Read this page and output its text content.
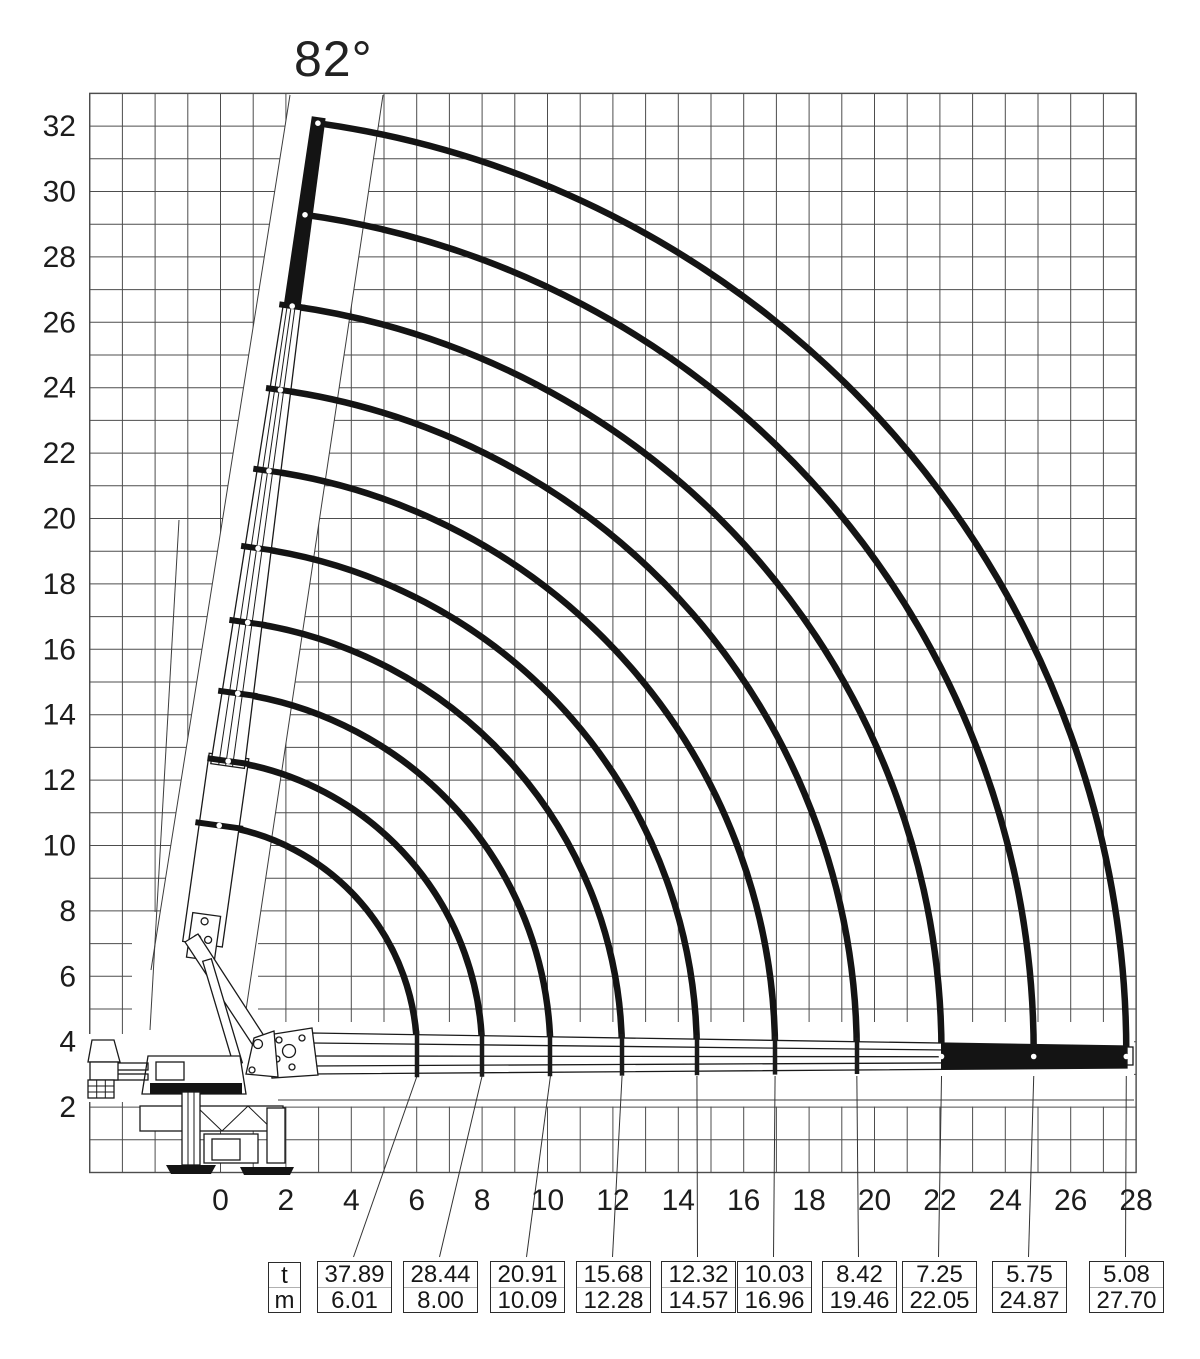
0 2 4 6 8 10 12 14 16 18 20 22 24 26 28
32
30
28
26
24
22
20
18
16
14
12
10
8
6
4
2
82°
t
m
37.89
6.01
28.44
8.00
20.91
10.09
15.68
12.28
12.32
14.57
10.03
16.96
8.42
19.46
7.25
22.05
5.75
24.87
5.08
27.70
